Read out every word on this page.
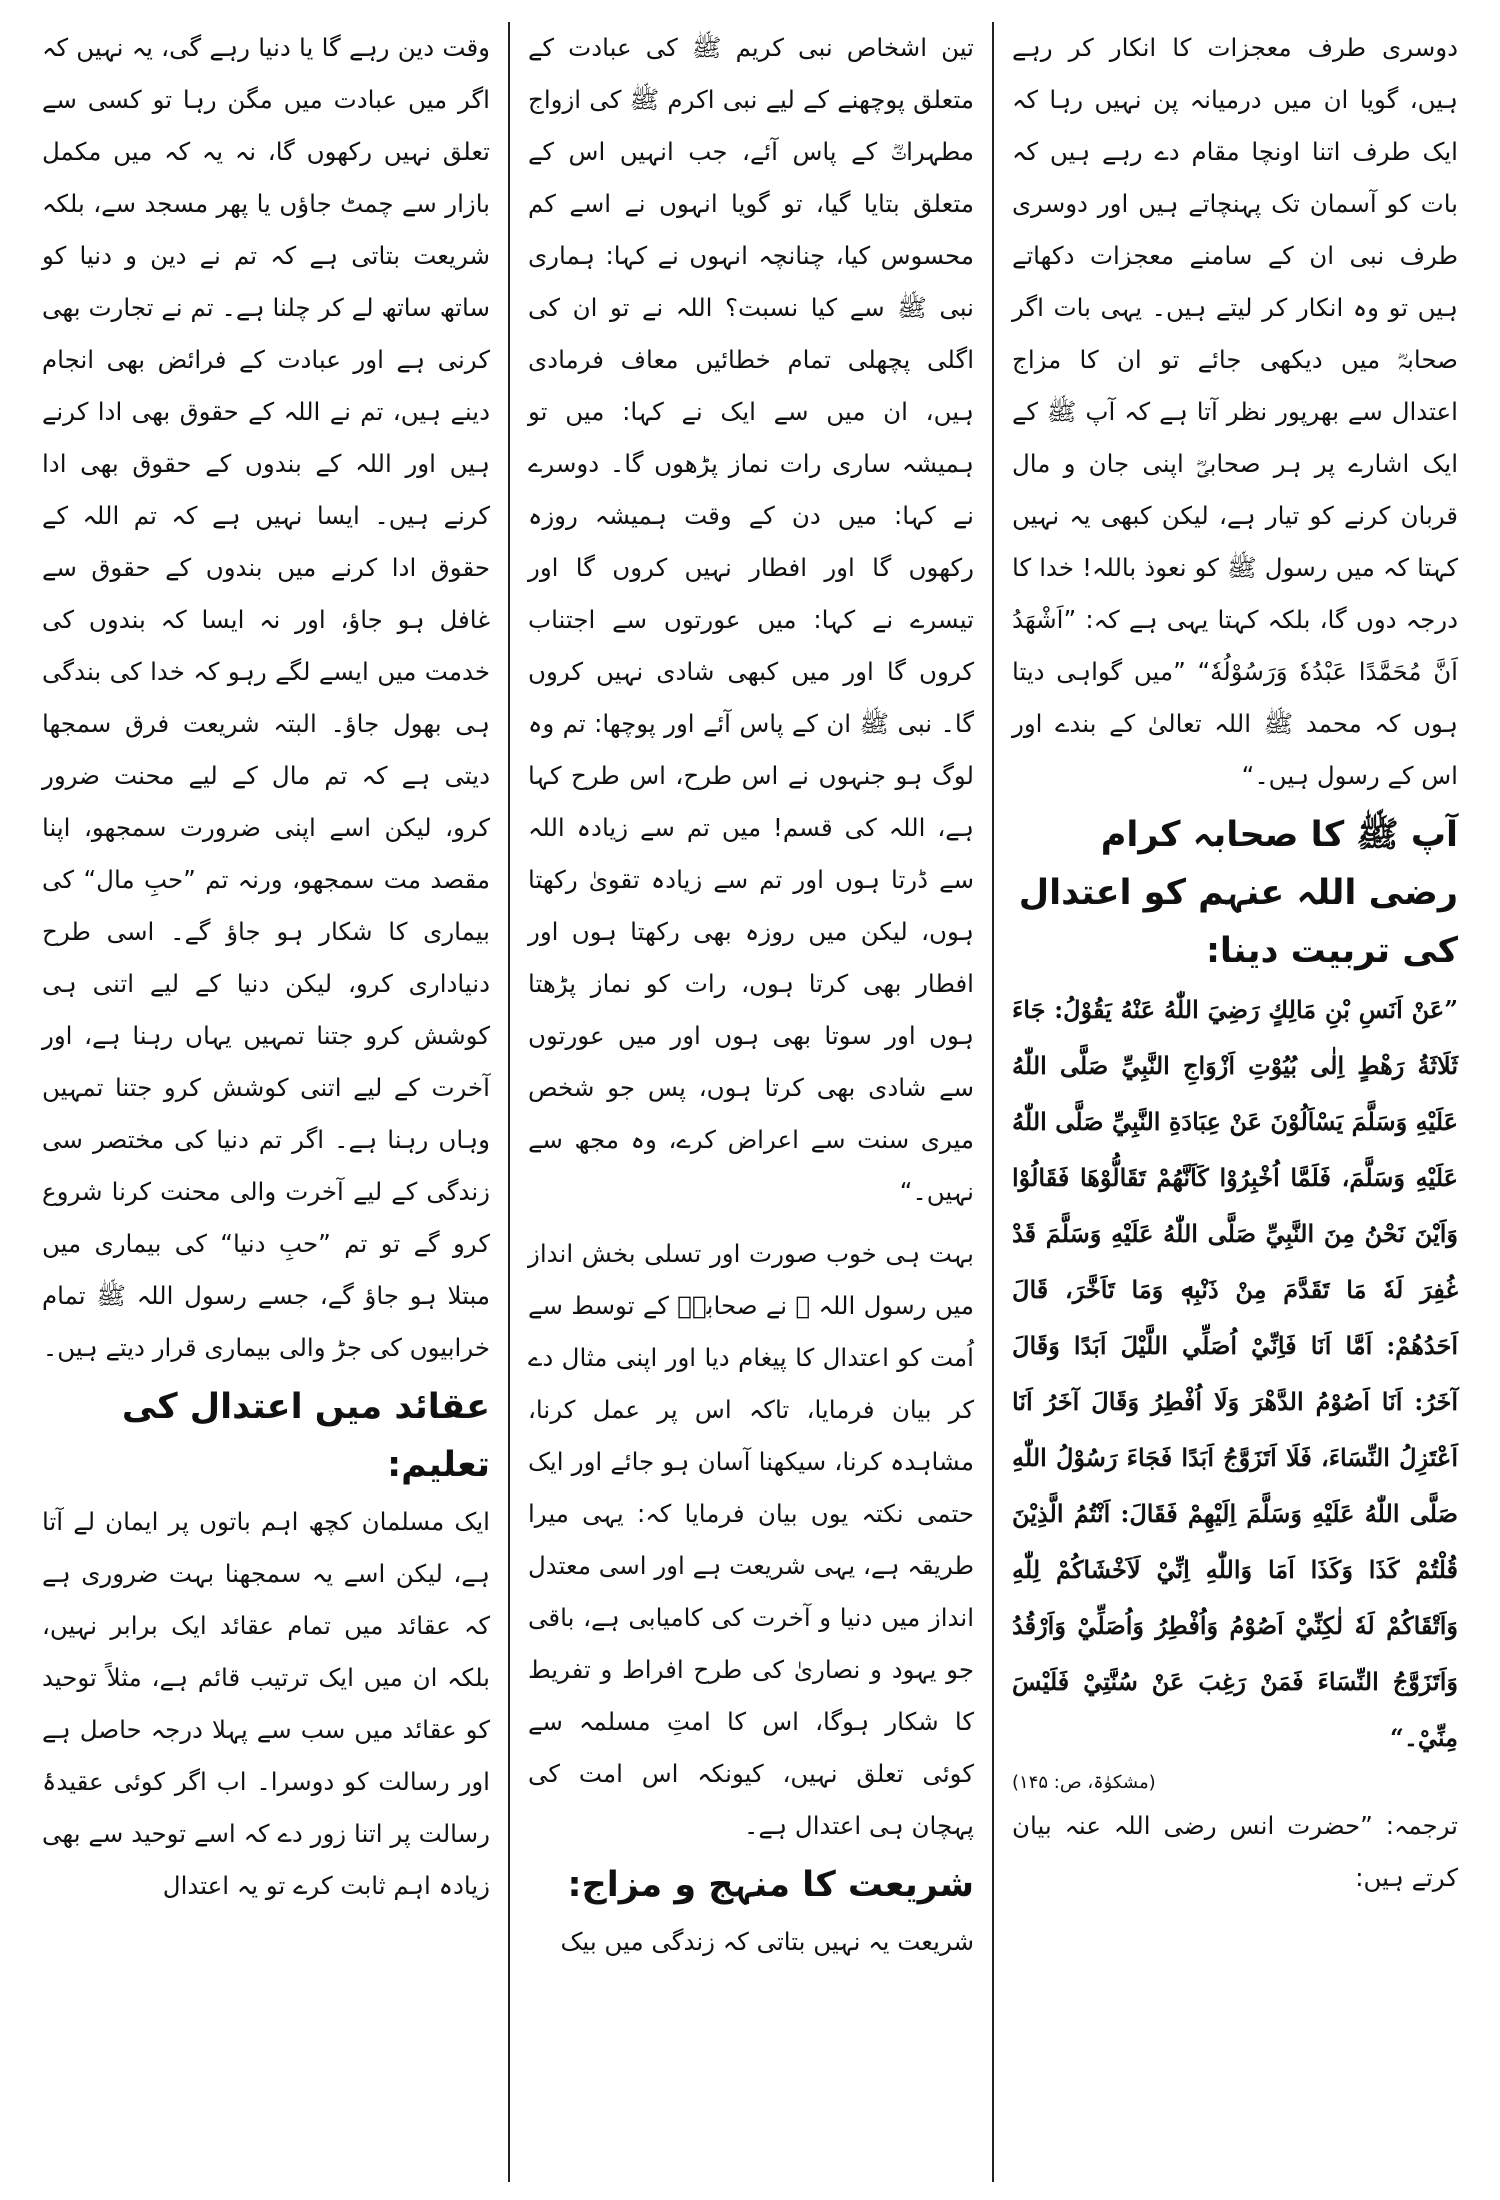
دوسری طرف معجزات کا انکار کر رہے ہیں، گویا ان میں درمیانہ پن نہیں رہا کہ ایک طرف اتنا اونچا مقام دے رہے ہیں کہ بات کو آسمان تک پہنچاتے ہیں اور دوسری طرف نبی ان کے سامنے معجزات دکھاتے ہیں تو وہ انکار کر لیتے ہیں۔ یہی بات اگر صحابہؓ میں دیکھی جائے تو ان کا مزاج اعتدال سے بھرپور نظر آتا ہے کہ آپ ﷺ کے ایک اشارے پر ہر صحابیؓ اپنی جان و مال قربان کرنے کو تیار ہے، لیکن کبھی یہ نہیں کہتا کہ میں رسول ﷺ کو نعوذ باللہ! خدا کا درجہ دوں گا، بلکہ کہتا یہی ہے کہ: ”اَشْهَدُ اَنَّ مُحَمَّدًا عَبْدُهٗ وَرَسُوْلُهٗ“ ”میں گواہی دیتا ہوں کہ محمد ﷺ اللہ تعالیٰ کے بندے اور اس کے رسول ہیں۔“

آپ ﷺ کا صحابہ کرام رضی اللہ عنہم کو اعتدال کی تربیت دینا:

”عَنْ اَنَسِ بْنِ مَالِكٍ رَضِيَ اللّٰهُ عَنْهُ يَقُوْلُ: جَاءَ ثَلَاثَةُ رَهْطٍ اِلٰى بُيُوْتِ اَزْوَاجِ النَّبِيِّ صَلَّى اللّٰهُ عَلَيْهِ وَسَلَّمَ يَسْاَلُوْنَ عَنْ عِبَادَةِ النَّبِيِّ صَلَّى اللّٰهُ عَلَيْهِ وَسَلَّمَ، فَلَمَّا اُخْبِرُوْا كَاَنَّهُمْ تَقَالُّوْهَا فَقَالُوْا وَاَيْنَ نَحْنُ مِنَ النَّبِيِّ صَلَّى اللّٰهُ عَلَيْهِ وَسَلَّمَ قَدْ غُفِرَ لَهٗ مَا تَقَدَّمَ مِنْ ذَنْبِهٖ وَمَا تَاَخَّرَ، قَالَ اَحَدُهُمْ: اَمَّا اَنَا فَاِنِّيْ اُصَلِّي اللَّيْلَ اَبَدًا وَقَالَ آخَرُ: اَنَا اَصُوْمُ الدَّهْرَ وَلَا اُفْطِرُ وَقَالَ آخَرُ اَنَا اَعْتَزِلُ النِّسَاءَ، فَلَا اَتَزَوَّجُ اَبَدًا فَجَاءَ رَسُوْلُ اللّٰهِ صَلَّى اللّٰهُ عَلَيْهِ وَسَلَّمَ اِلَيْهِمْ فَقَالَ: اَنْتُمُ الَّذِيْنَ قُلْتُمْ كَذَا وَكَذَا اَمَا وَاللّٰهِ اِنِّيْ لَاَخْشَاكُمْ لِلّٰهِ وَاَتْقَاكُمْ لَهٗ لٰكِنِّيْ اَصُوْمُ وَاُفْطِرُ وَاُصَلِّيْ وَاَرْقُدُ وَاَتَزَوَّجُ النِّسَاءَ فَمَنْ رَغِبَ عَنْ سُنَّتِيْ فَلَيْسَ مِنِّيْ۔“

(مشکوٰۃ، ص: ۱۴۵)

ترجمہ: ”حضرت انس رضی اللہ عنہ بیان کرتے ہیں:

تین اشخاص نبی کریم ﷺ کی عبادت کے متعلق پوچھنے کے لیے نبی اکرم ﷺ کی ازواج مطہراتؓ کے پاس آئے، جب انہیں اس کے متعلق بتایا گیا، تو گویا انہوں نے اسے کم محسوس کیا، چنانچہ انہوں نے کہا: ہماری نبی ﷺ سے کیا نسبت؟ اللہ نے تو ان کی اگلی پچھلی تمام خطائیں معاف فرمادی ہیں، ان میں سے ایک نے کہا: میں تو ہمیشہ ساری رات نماز پڑھوں گا۔ دوسرے نے کہا: میں دن کے وقت ہمیشہ روزہ رکھوں گا اور افطار نہیں کروں گا اور تیسرے نے کہا: میں عورتوں سے اجتناب کروں گا اور میں کبھی شادی نہیں کروں گا۔ نبی ﷺ ان کے پاس آئے اور پوچھا: تم وہ لوگ ہو جنہوں نے اس طرح، اس طرح کہا ہے، اللہ کی قسم! میں تم سے زیادہ اللہ سے ڈرتا ہوں اور تم سے زیادہ تقویٰ رکھتا ہوں، لیکن میں روزہ بھی رکھتا ہوں اور افطار بھی کرتا ہوں، رات کو نماز پڑھتا ہوں اور سوتا بھی ہوں اور میں عورتوں سے شادی بھی کرتا ہوں، پس جو شخص میری سنت سے اعراض کرے، وہ مجھ سے نہیں۔“

بہت ہی خوب صورت اور تسلی بخش انداز میں رسول اللہ ﷺ نے صحابہؓ کے توسط سے اُمت کو اعتدال کا پیغام دیا اور اپنی مثال دے کر بیان فرمایا، تاکہ اس پر عمل کرنا، مشاہدہ کرنا، سیکھنا آسان ہو جائے اور ایک حتمی نکتہ یوں بیان فرمایا کہ: یہی میرا طریقہ ہے، یہی شریعت ہے اور اسی معتدل انداز میں دنیا و آخرت کی کامیابی ہے، باقی جو یہود و نصاریٰ کی طرح افراط و تفریط کا شکار ہوگا، اس کا امتِ مسلمہ سے کوئی تعلق نہیں، کیونکہ اس امت کی پہچان ہی اعتدال ہے۔

شریعت کا منہج و مزاج:

شریعت یہ نہیں بتاتی کہ زندگی میں بیک

وقت دین رہے گا یا دنیا رہے گی، یہ نہیں کہ اگر میں عبادت میں مگن رہا تو کسی سے تعلق نہیں رکھوں گا، نہ یہ کہ میں مکمل بازار سے چمٹ جاؤں یا پھر مسجد سے، بلکہ شریعت بتاتی ہے کہ تم نے دین و دنیا کو ساتھ ساتھ لے کر چلنا ہے۔ تم نے تجارت بھی کرنی ہے اور عبادت کے فرائض بھی انجام دینے ہیں، تم نے اللہ کے حقوق بھی ادا کرنے ہیں اور اللہ کے بندوں کے حقوق بھی ادا کرنے ہیں۔ ایسا نہیں ہے کہ تم اللہ کے حقوق ادا کرنے میں بندوں کے حقوق سے غافل ہو جاؤ، اور نہ ایسا کہ بندوں کی خدمت میں ایسے لگے رہو کہ خدا کی بندگی ہی بھول جاؤ۔ البتہ شریعت فرق سمجھا دیتی ہے کہ تم مال کے لیے محنت ضرور کرو، لیکن اسے اپنی ضرورت سمجھو، اپنا مقصد مت سمجھو، ورنہ تم ”حبِ مال“ کی بیماری کا شکار ہو جاؤ گے۔ اسی طرح دنیاداری کرو، لیکن دنیا کے لیے اتنی ہی کوشش کرو جتنا تمہیں یہاں رہنا ہے، اور آخرت کے لیے اتنی کوشش کرو جتنا تمہیں وہاں رہنا ہے۔ اگر تم دنیا کی مختصر سی زندگی کے لیے آخرت والی محنت کرنا شروع کرو گے تو تم ”حبِ دنیا“ کی بیماری میں مبتلا ہو جاؤ گے، جسے رسول اللہ ﷺ تمام خرابیوں کی جڑ والی بیماری قرار دیتے ہیں۔

عقائد میں اعتدال کی تعلیم:

ایک مسلمان کچھ اہم باتوں پر ایمان لے آتا ہے، لیکن اسے یہ سمجھنا بہت ضروری ہے کہ عقائد میں تمام عقائد ایک برابر نہیں، بلکہ ان میں ایک ترتیب قائم ہے، مثلاً توحید کو عقائد میں سب سے پہلا درجہ حاصل ہے اور رسالت کو دوسرا۔ اب اگر کوئی عقیدۂ رسالت پر اتنا زور دے کہ اسے توحید سے بھی زیادہ اہم ثابت کرے تو یہ اعتدال
